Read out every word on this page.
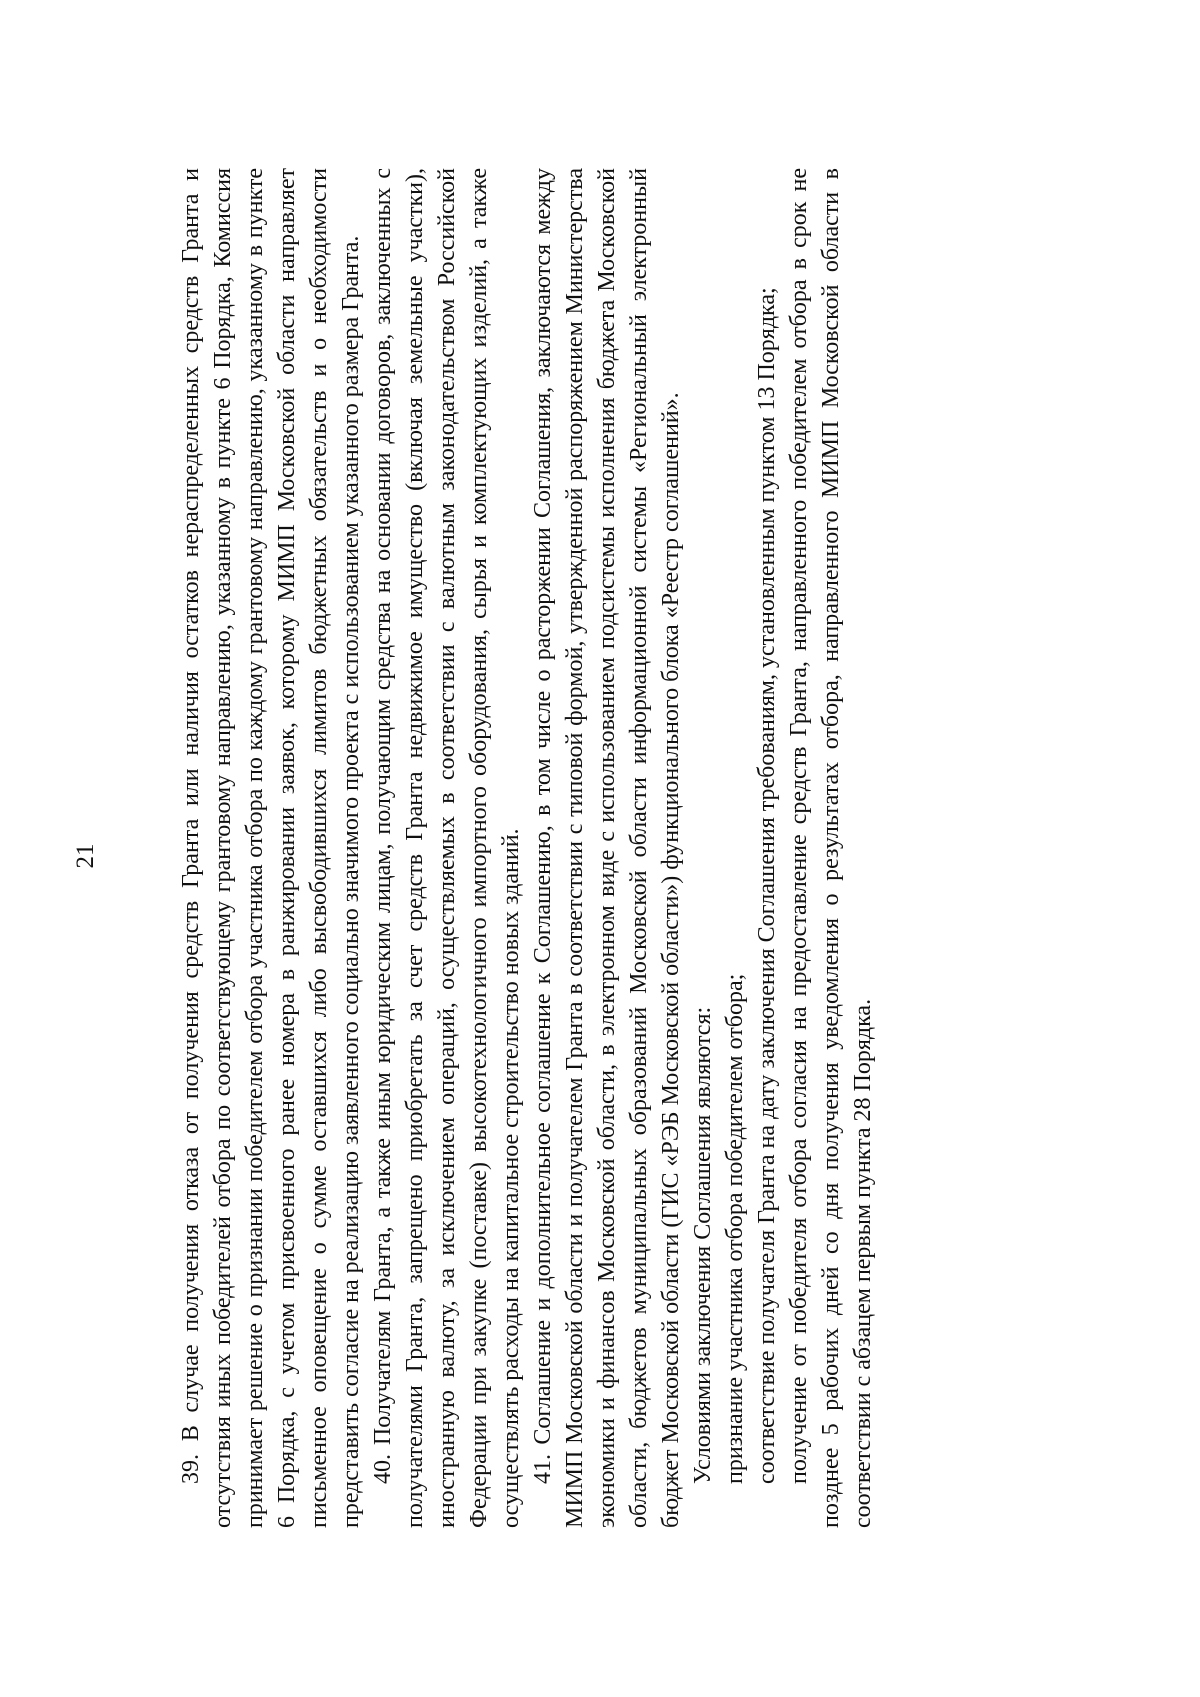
21	39. В случае получения отказа от получения средств Гранта или наличия остатков нераспределенных средств Гранта и отсутствия иных победителей отбора по соответствующему грантовому направлению, указанному в пункте 6 Порядка, Комиссия принимает решение о признании победителем отбора участника отбора по каждому грантовому направлению, указанному в пункте 6 Порядка, с учетом присвоенного ранее номера в ранжировании заявок, которому МИМП Московской области направляет письменное оповещение о сумме оставшихся либо высвободившихся лимитов бюджетных обязательств и о необходимости представить согласие на реализацию заявленного социально значимого проекта с использованием указанного размера Гранта. 40. Получателям Гранта, а также иным юридическим лицам, получающим средства на основании договоров, заключенных с получателями Гранта, запрещено приобретать за счет средств Гранта недвижимое имущество (включая земельные участки), иностранную валюту, за исключением операций, осуществляемых в соответствии с валютным законодательством Российской Федерации при закупке (поставке) высокотехнологичного импортного оборудования, сырья и комплектующих изделий, а также осуществлять расходы на капитальное строительство новых зданий. 41. Соглашение и дополнительное соглашение к Соглашению, в том числе о расторжении Соглашения, заключаются между МИМП Московской области и получателем Гранта в соответствии с типовой формой, утвержденной распоряжением Министерства экономики и финансов Московской области, в электронном виде с использованием подсистемы исполнения бюджета Московской области, бюджетов муниципальных образований Московской области информационной системы «Региональный электронный бюджет Московской области (ГИС «РЭБ Московской области») функционального блока «Реестр соглашений». Условиями заключения Соглашения являются: признание участника отбора победителем отбора; соответствие получателя Гранта на дату заключения Соглашения требованиям, установленным пунктом 13 Порядка; получение от победителя отбора согласия на предоставление средств Гранта, направленного победителем отбора в срок не позднее 5 рабочих дней со дня получения уведомления о результатах отбора, направленного МИМП Московской области в соответствии с абзацем первым пункта 28 Порядка.
